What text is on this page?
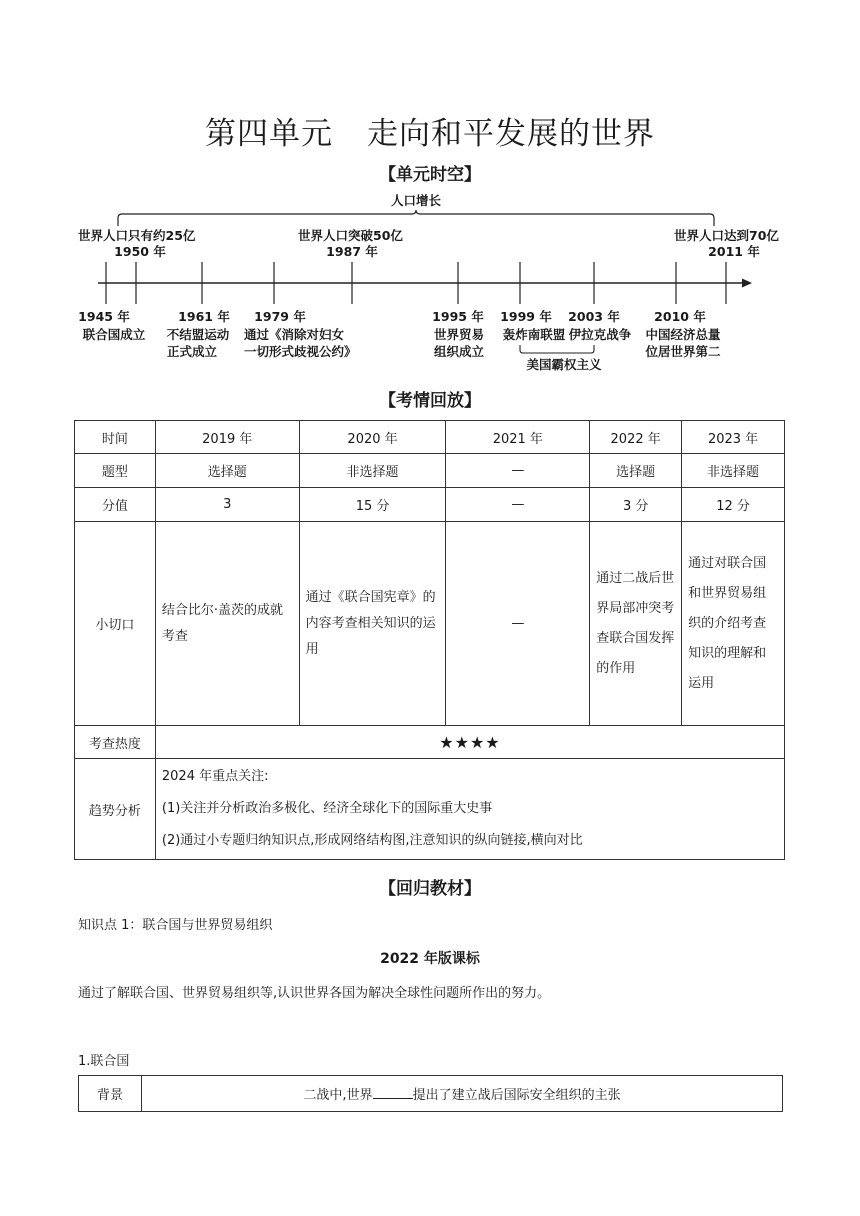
第四单元 走向和平发展的世界
【单元时空】
人口增长
世界人口只有约25亿
1950 年
世界人口突破50亿
1987 年
世界人口达到70亿
2011 年
1945 年
联合国成立
1961 年
不结盟运动
正式成立
1979 年
通过《消除对妇女
一切形式歧视公约》
1995 年
世界贸易
组织成立
1999 年
轰炸南联盟
2003 年
伊拉克战争
2010 年
中国经济总量
位居世界第二
美国霸权主义
【考情回放】
时间	2019 年	2020 年	2021 年	2022 年	2023 年
题型	选择题	非选择题	—	选择题	非选择题
分值	3	15 分	—	3 分	12 分
小切口	结合比尔·盖茨的成就考查	通过《联合国宪章》的内容考查相关知识的运用	—	通过二战后世界局部冲突考查联合国发挥的作用	通过对联合国和世界贸易组织的介绍考查知识的理解和运用
考查热度	★★★★				
趋势分析	2024 年重点关注:
(1)关注并分析政治多极化、经济全球化下的国际重大史事
(2)通过小专题归纳知识点,形成网络结构图,注意知识的纵向链接,横向对比				
【回归教材】
知识点 1：联合国与世界贸易组织
2022 年版课标
通过了解联合国、世界贸易组织等,认识世界各国为解决全球性问题所作出的努力。
1.联合国
背景	二战中,世界	提出了建立战后国际安全组织的主张
